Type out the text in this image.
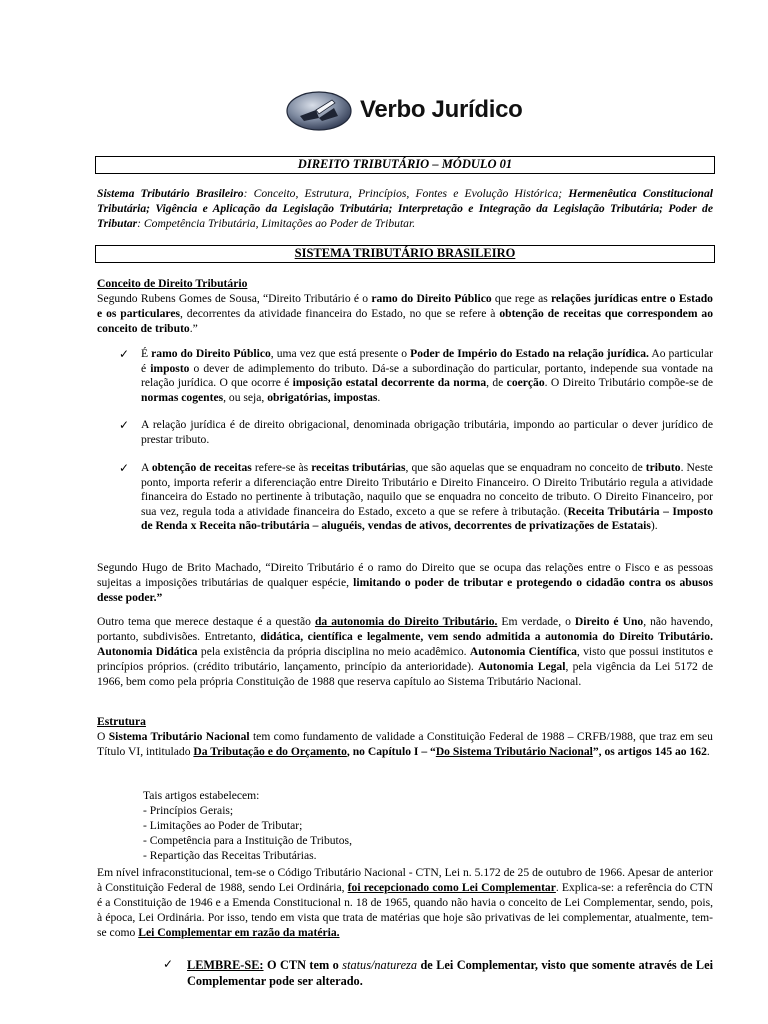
Verbo Jurídico
DIREITO TRIBUTÁRIO – MÓDULO 01
Sistema Tributário Brasileiro: Conceito, Estrutura, Princípios, Fontes e Evolução Histórica; Hermenêutica Constitucional Tributária; Vigência e Aplicação da Legislação Tributária; Interpretação e Integração da Legislação Tributária; Poder de Tributar: Competência Tributária, Limitações ao Poder de Tributar.
SISTEMA TRIBUTÁRIO BRASILEIRO
Conceito de Direito Tributário
Segundo Rubens Gomes de Sousa, “Direito Tributário é o ramo do Direito Público que rege as relações jurídicas entre o Estado e os particulares, decorrentes da atividade financeira do Estado, no que se refere à obtenção de receitas que correspondem ao conceito de tributo.”
✓ É ramo do Direito Público, uma vez que está presente o Poder de Império do Estado na relação jurídica. Ao particular é imposto o dever de adimplemento do tributo. Dá-se a subordinação do particular, portanto, independe sua vontade na relação jurídica. O que ocorre é imposição estatal decorrente da norma, de coerção. O Direito Tributário compõe-se de normas cogentes, ou seja, obrigatórias, impostas.
✓ A relação jurídica é de direito obrigacional, denominada obrigação tributária, impondo ao particular o dever jurídico de prestar tributo.
✓ A obtenção de receitas refere-se às receitas tributárias, que são aquelas que se enquadram no conceito de tributo. Neste ponto, importa referir a diferenciação entre Direito Tributário e Direito Financeiro. O Direito Tributário regula a atividade financeira do Estado no pertinente à tributação, naquilo que se enquadra no conceito de tributo. O Direito Financeiro, por sua vez, regula toda a atividade financeira do Estado, exceto a que se refere à tributação. (Receita Tributária – Imposto de Renda x Receita não-tributária – aluguéis, vendas de ativos, decorrentes de privatizações de Estatais).
Segundo Hugo de Brito Machado, “Direito Tributário é o ramo do Direito que se ocupa das relações entre o Fisco e as pessoas sujeitas a imposições tributárias de qualquer espécie, limitando o poder de tributar e protegendo o cidadão contra os abusos desse poder.”
Outro tema que merece destaque é a questão da autonomia do Direito Tributário. Em verdade, o Direito é Uno, não havendo, portanto, subdivisões. Entretanto, didática, científica e legalmente, vem sendo admitida a autonomia do Direito Tributário. Autonomia Didática pela existência da própria disciplina no meio acadêmico. Autonomia Científica, visto que possui institutos e princípios próprios. (crédito tributário, lançamento, princípio da anterioridade). Autonomia Legal, pela vigência da Lei 5172 de 1966, bem como pela própria Constituição de 1988 que reserva capítulo ao Sistema Tributário Nacional.
Estrutura
O Sistema Tributário Nacional tem como fundamento de validade a Constituição Federal de 1988 – CRFB/1988, que traz em seu Título VI, intitulado Da Tributação e do Orçamento, no Capítulo I – “Do Sistema Tributário Nacional”, os artigos 145 ao 162.
Tais artigos estabelecem:
- Princípios Gerais;
- Limitações ao Poder de Tributar;
- Competência para a Instituição de Tributos,
- Repartição das Receitas Tributárias.
Em nível infraconstitucional, tem-se o Código Tributário Nacional - CTN, Lei n. 5.172 de 25 de outubro de 1966. Apesar de anterior à Constituição Federal de 1988, sendo Lei Ordinária, foi recepcionado como Lei Complementar. Explica-se: a referência do CTN é a Constituição de 1946 e a Emenda Constitucional n. 18 de 1965, quando não havia o conceito de Lei Complementar, sendo, pois, à época, Lei Ordinária. Por isso, tendo em vista que trata de matérias que hoje são privativas de lei complementar, atualmente, tem-se como Lei Complementar em razão da matéria.
✓ LEMBRE-SE: O CTN tem o status/natureza de Lei Complementar, visto que somente através de Lei Complementar pode ser alterado.
